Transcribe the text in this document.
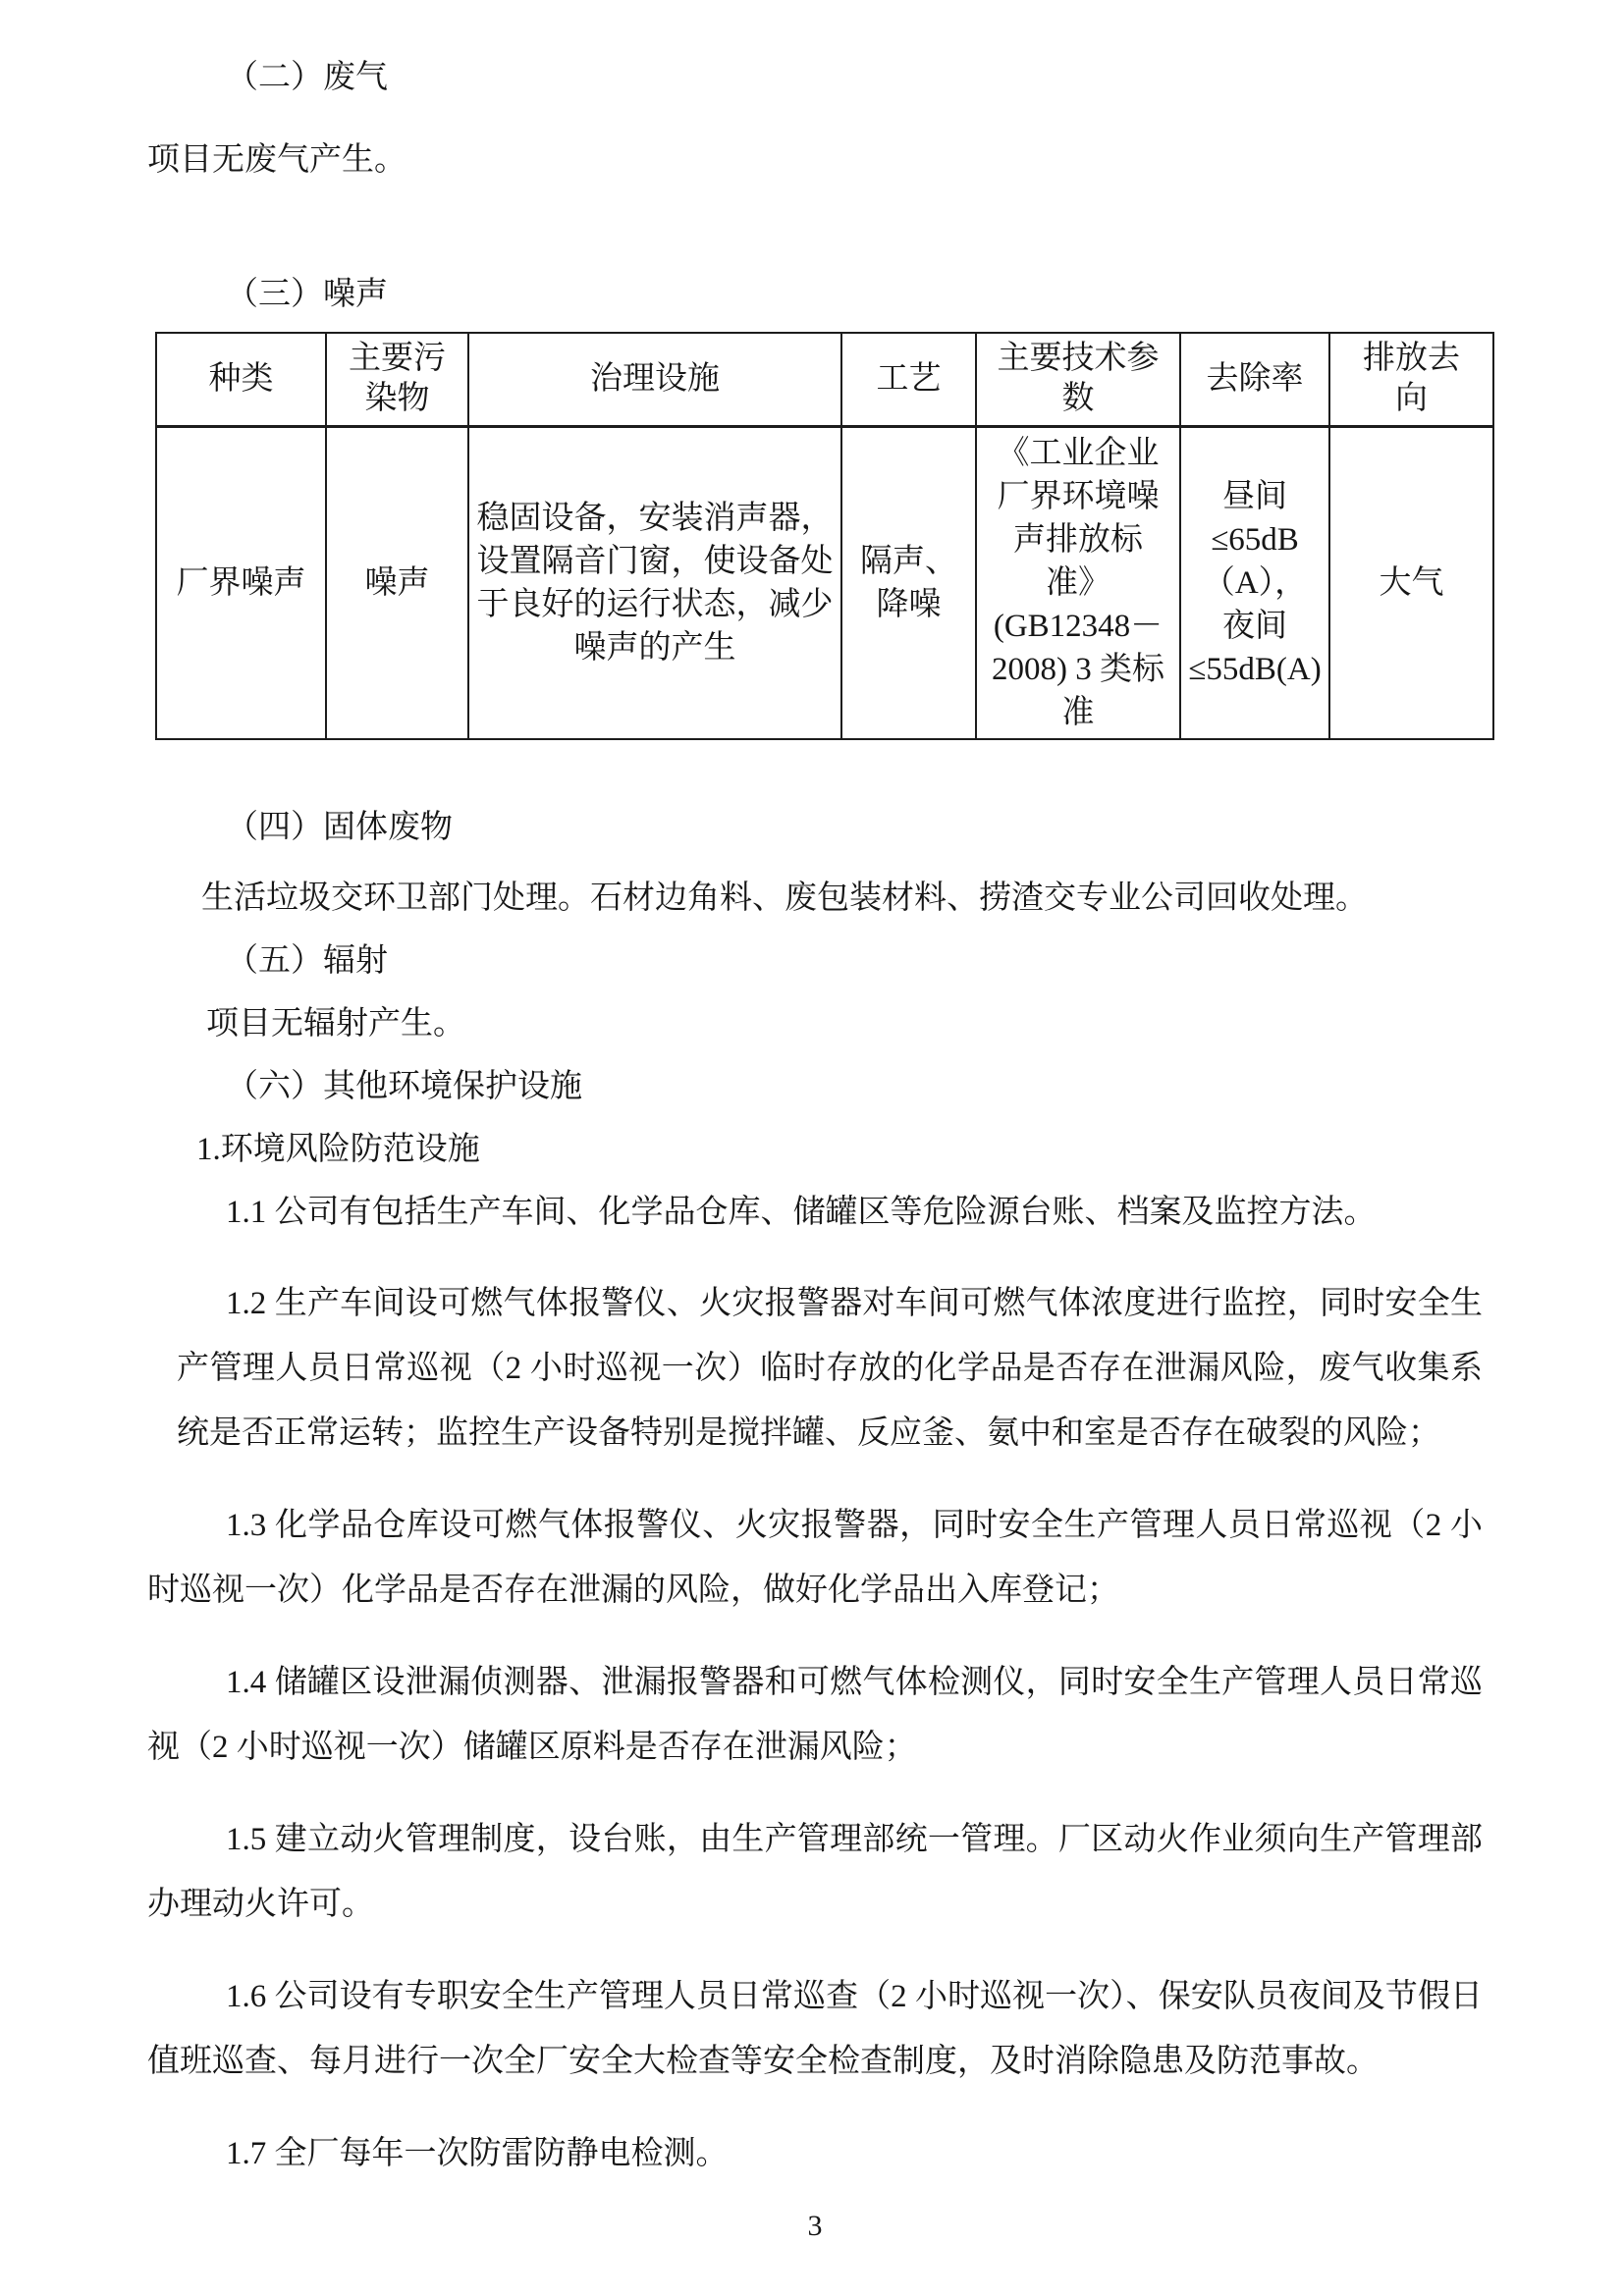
（二）废气

项目无废气产生。

（三）噪声

种类	主要污染物	治理设施	工艺	主要技术参数	去除率	排放去向
厂界噪声	噪声	稳固设备，安装消声器，设置隔音门窗，使设备处于良好的运行状态，减少噪声的产生	隔声、降噪	《工业企业厂界环境噪声排放标准》(GB12348－2008) 3 类标准	昼间≤65dB（A），夜间≤55dB(A)	大气

（四）固体废物

生活垃圾交环卫部门处理。石材边角料、废包装材料、捞渣交专业公司回收处理。

（五）辐射

项目无辐射产生。

（六）其他环境保护设施

1.环境风险防范设施

1.1 公司有包括生产车间、化学品仓库、储罐区等危险源台账、档案及监控方法。

1.2 生产车间设可燃气体报警仪、火灾报警器对车间可燃气体浓度进行监控，同时安全生产管理人员日常巡视（2 小时巡视一次）临时存放的化学品是否存在泄漏风险，废气收集系统是否正常运转；监控生产设备特别是搅拌罐、反应釜、氨中和室是否存在破裂的风险；

1.3 化学品仓库设可燃气体报警仪、火灾报警器，同时安全生产管理人员日常巡视（2 小时巡视一次）化学品是否存在泄漏的风险，做好化学品出入库登记；

1.4 储罐区设泄漏侦测器、泄漏报警器和可燃气体检测仪，同时安全生产管理人员日常巡视（2 小时巡视一次）储罐区原料是否存在泄漏风险；

1.5 建立动火管理制度，设台账，由生产管理部统一管理。厂区动火作业须向生产管理部办理动火许可。

1.6 公司设有专职安全生产管理人员日常巡查（2 小时巡视一次）、保安队员夜间及节假日值班巡查、每月进行一次全厂安全大检查等安全检查制度，及时消除隐患及防范事故。

1.7 全厂每年一次防雷防静电检测。

3
